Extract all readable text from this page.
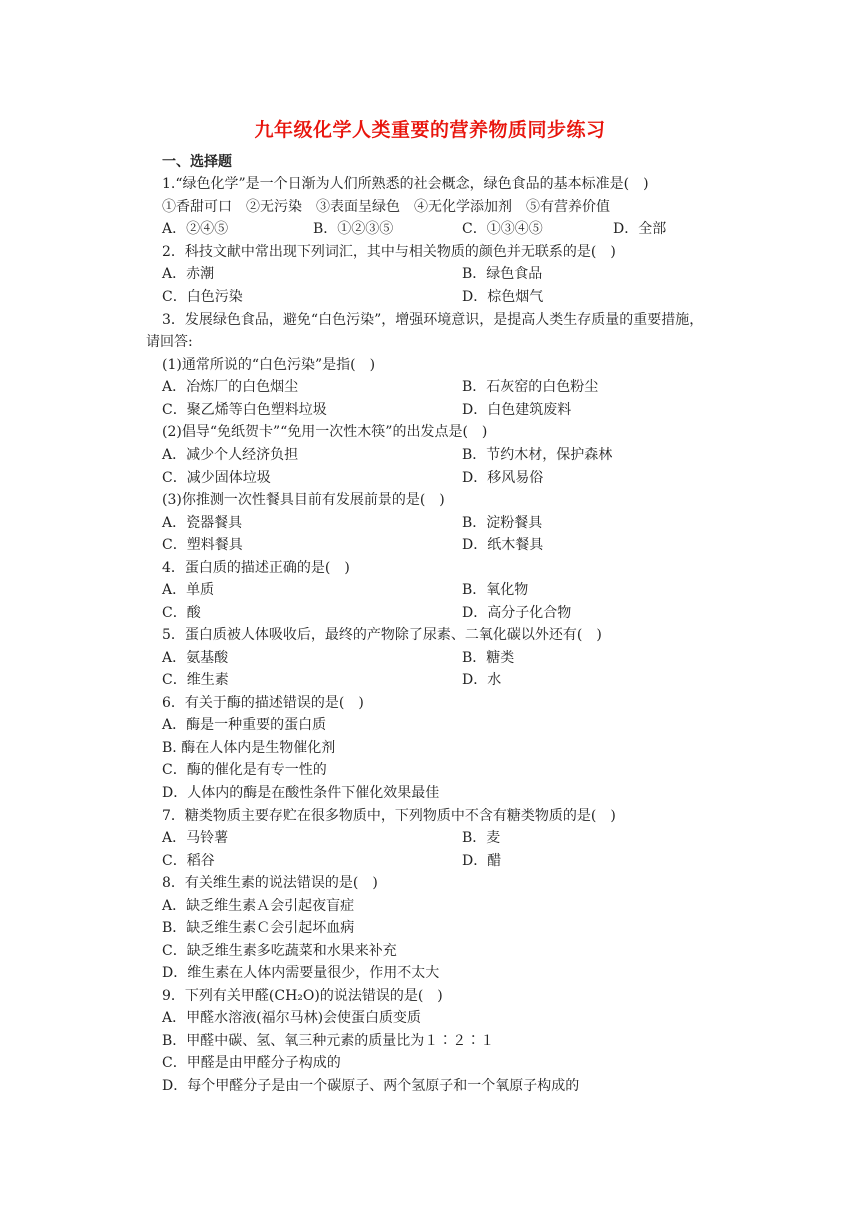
九年级化学人类重要的营养物质同步练习
一、选择题
1.“绿色化学”是一个日渐为人们所熟悉的社会概念，绿色食品的基本标准是(　)
①香甜可口　②无污染　③表面呈绿色　④无化学添加剂　⑤有营养价值
A．②④⑤	B．①②③⑤	C．①③④⑤	D．全部
2．科技文献中常出现下列词汇，其中与相关物质的颜色并无联系的是(　)
A．赤潮	B．绿色食品
C．白色污染	D．棕色烟气
3．发展绿色食品，避免“白色污染”，增强环境意识，是提高人类生存质量的重要措施，
请回答:
(1)通常所说的“白色污染”是指(　)
A．冶炼厂的白色烟尘	B．石灰窑的白色粉尘
C．聚乙烯等白色塑料垃圾	D．白色建筑废料
(2)倡导“免纸贺卡”“免用一次性木筷”的出发点是(　)
A．减少个人经济负担	B．节约木材，保护森林
C．减少固体垃圾	D．移风易俗
(3)你推测一次性餐具目前有发展前景的是(　)
A．瓷器餐具	B．淀粉餐具
C．塑料餐具	D．纸木餐具
4．蛋白质的描述正确的是(　)
A．单质	B．氧化物
C．酸	D．高分子化合物
5．蛋白质被人体吸收后，最终的产物除了尿素、二氧化碳以外还有(　)
A．氨基酸	B．糖类
C．维生素	D．水
6．有关于酶的描述错误的是(　)
A．酶是一种重要的蛋白质
B. 酶在人体内是生物催化剂
C．酶的催化是有专一性的
D．人体内的酶是在酸性条件下催化效果最佳
7．糖类物质主要存贮在很多物质中，下列物质中不含有糖类物质的是(　)
A．马铃薯	B．麦
C．稻谷	D．醋
8．有关维生素的说法错误的是(　)
A．缺乏维生素Ａ会引起夜盲症
B．缺乏维生素Ｃ会引起坏血病
C．缺乏维生素多吃蔬菜和水果来补充
D．维生素在人体内需要量很少，作用不太大
9．下列有关甲醛(CH₂O)的说法错误的是(　)
A．甲醛水溶液(福尔马林)会使蛋白质变质
B．甲醛中碳、氢、氧三种元素的质量比为１∶２∶１
C．甲醛是由甲醛分子构成的
D．每个甲醛分子是由一个碳原子、两个氢原子和一个氧原子构成的
